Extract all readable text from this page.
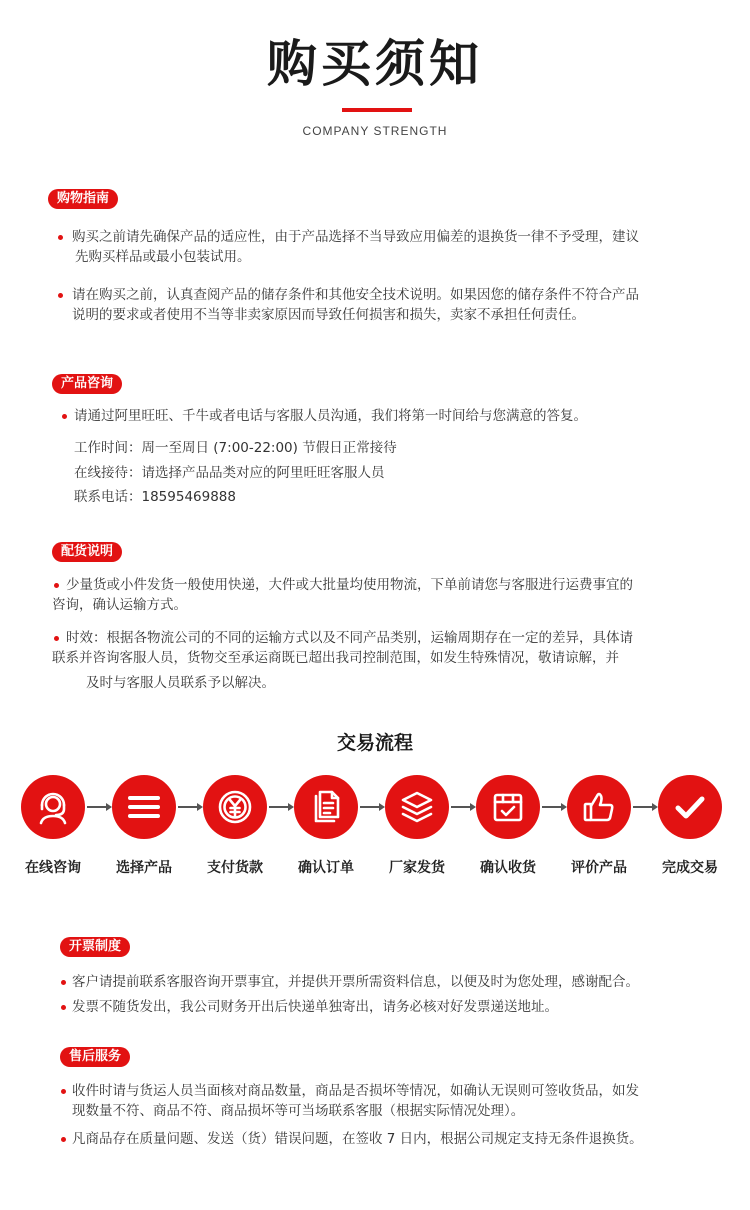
购买须知
COMPANY STRENGTH
购物指南
购买之前请先确保产品的适应性，由于产品选择不当导致应用偏差的退换货一律不予受理，建议
先购买样品或最小包装试用。
请在购买之前，认真查阅产品的储存条件和其他安全技术说明。如果因您的储存条件不符合产品
说明的要求或者使用不当等非卖家原因而导致任何损害和损失，卖家不承担任何责任。
产品咨询
请通过阿里旺旺、千牛或者电话与客服人员沟通，我们将第一时间给与您满意的答复。
工作时间：周一至周日 (7:00-22:00) 节假日正常接待
在线接待：请选择产品品类对应的阿里旺旺客服人员
联系电话：18595469888
配货说明
少量货或小件发货一般使用快递，大件或大批量均使用物流，下单前请您与客服进行运费事宜的
咨询，确认运输方式。
时效：根据各物流公司的不同的运输方式以及不同产品类别，运输周期存在一定的差异，具体请
联系并咨询客服人员，货物交至承运商既已超出我司控制范围，如发生特殊情况，敬请谅解，并
及时与客服人员联系予以解决。
交易流程
在线咨询	选择产品	支付货款	确认订单	厂家发货	确认收货	评价产品	完成交易
开票制度
客户请提前联系客服咨询开票事宜，并提供开票所需资料信息，以便及时为您处理，感谢配合。
发票不随货发出，我公司财务开出后快递单独寄出，请务必核对好发票递送地址。
售后服务
收件时请与货运人员当面核对商品数量，商品是否损坏等情况，如确认无误则可签收货品，如发
现数量不符、商品不符、商品损坏等可当场联系客服（根据实际情况处理）。
凡商品存在质量问题、发送（货）错误问题，在签收 7 日内，根据公司规定支持无条件退换货。
